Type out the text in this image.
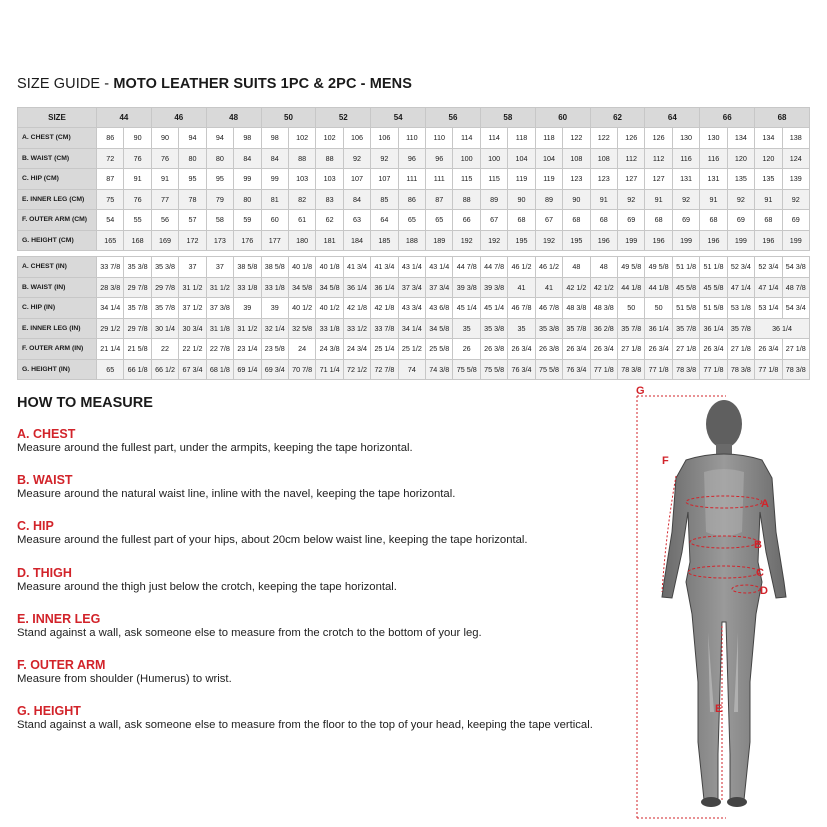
SIZE GUIDE - MOTO LEATHER SUITS 1PC & 2PC - MENS
SIZE	44		46		48		50		52		54		56		58		60		62		64		66		68	
A. CHEST (CM)	86	90	90	94	94	98	98	102	102	106	106	110	110	114	114	118	118	122	122	126	126	130	130	134	134	138
B. WAIST (CM)	72	76	76	80	80	84	84	88	88	92	92	96	96	100	100	104	104	108	108	112	112	116	116	120	120	124
C. HIP (CM)	87	91	91	95	95	99	99	103	103	107	107	111	111	115	115	119	119	123	123	127	127	131	131	135	135	139
E. INNER LEG (CM)	75	76	77	78	79	80	81	82	83	84	85	86	87	88	89	90	89	90	91	92	91	92	91	92	91	92
F. OUTER ARM (CM)	54	55	56	57	58	59	60	61	62	63	64	65	65	66	67	68	67	68	68	69	68	69	68	69	68	69
G. HEIGHT (CM)	165	168	169	172	173	176	177	180	181	184	185	188	189	192	192	195	192	195	196	199	196	199	196	199	196	199

A. CHEST (IN)	33 7/8	35 3/8	35 3/8	37	37	38 5/8	38 5/8	40 1/8	40 1/8	41 3/4	41 3/4	43 1/4	43 1/4	44 7/8	44 7/8	46 1/2	46 1/2	48	48	49 5/8	49 5/8	51 1/8	51 1/8	52 3/4	52 3/4	54 3/8
B. WAIST (IN)	28 3/8	29 7/8	29 7/8	31 1/2	31 1/2	33 1/8	33 1/8	34 5/8	34 5/8	36 1/4	36 1/4	37 3/4	37 3/4	39 3/8	39 3/8	41	41	42 1/2	42 1/2	44 1/8	44 1/8	45 5/8	45 5/8	47 1/4	47 1/4	48 7/8
C. HIP (IN)	34 1/4	35 7/8	35 7/8	37 1/2	37 3/8	39	39	40 1/2	40 1/2	42 1/8	42 1/8	43 3/4	43 6/8	45 1/4	45 1/4	46 7/8	46 7/8	48 3/8	48 3/8	50	50	51 5/8	51 5/8	53 1/8	53 1/4	54 3/4
E. INNER LEG (IN)	29 1/2	29 7/8	30 1/4	30 3/4	31 1/8	31 1/2	32 1/4	32 5/8	33 1/8	33 1/2	33 7/8	34 1/4	34 5/8	35	35 3/8	35	35 3/8	35 7/8	36 2/8	35 7/8	36 1/4	35 7/8	36 1/4	35 7/8	36 1/4	
F. OUTER ARM (IN)	21 1/4	21 5/8	22	22 1/2	22 7/8	23 1/4	23 5/8	24	24 3/8	24 3/4	25 1/4	25 1/2	25 5/8	26	26 3/8	26 3/4	26 3/8	26 3/4	26 3/4	27 1/8	26 3/4	27 1/8	26 3/4	27 1/8	26 3/4	27 1/8
G. HEIGHT (IN)	65	66 1/8	66 1/2	67 3/4	68 1/8	69 1/4	69 3/4	70 7/8	71 1/4	72 1/2	72 7/8	74	74 3/8	75 5/8	75 5/8	76 3/4	75 5/8	76 3/4	77 1/8	78 3/8	77 1/8	78 3/8	77 1/8	78 3/8	77 1/8	78 3/8
HOW TO MEASURE
A. CHEST
Measure around the fullest part, under the armpits, keeping the tape horizontal.
B. WAIST
Measure around the natural waist line, inline with the navel, keeping the tape horizontal.
C. HIP
Measure around the fullest part of your hips, about 20cm below waist line, keeping the tape horizontal.
D. THIGH
Measure around the thigh just below the crotch, keeping the tape horizontal.
E. INNER LEG
Stand against a wall, ask someone else to measure from the crotch to the bottom of your leg.
F. OUTER ARM
Measure from shoulder (Humerus) to wrist.
G. HEIGHT
Stand against a wall, ask someone else to measure from the floor to the top of your head, keeping the tape vertical.
G
A
B
C
D
E
F
